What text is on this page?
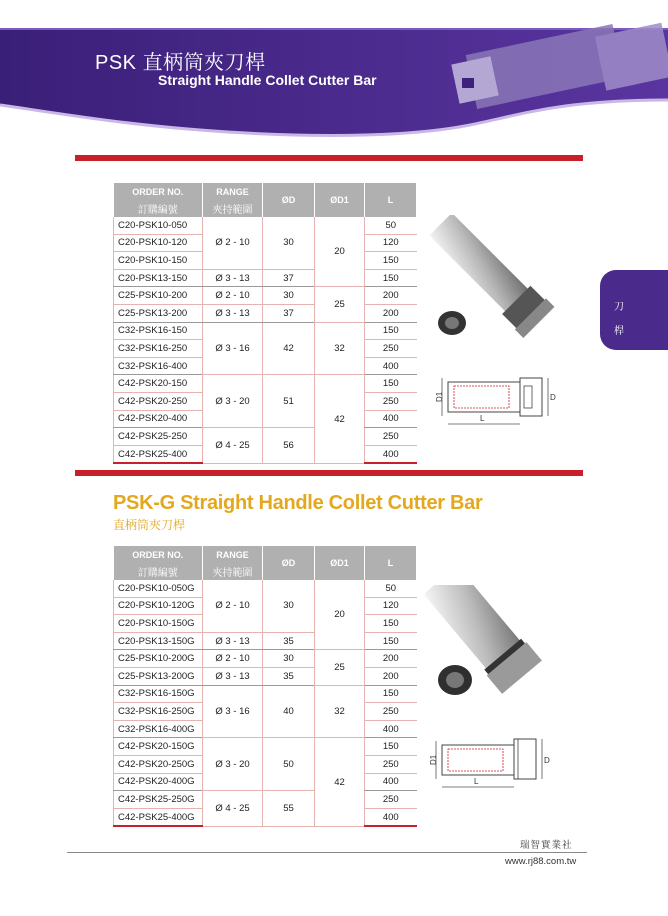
PSK 直柄筒夾刀桿
Straight Handle Collet Cutter Bar
刀
桿
ORDER NO.	RANGE	ØD	ØD1	L
訂購編號	夾持範圍			
C20-PSK10-050	Ø 2 - 10	30	20	50
C20-PSK10-120				120
C20-PSK10-150				150
C20-PSK13-150	Ø 3 - 13	37		150
C25-PSK10-200	Ø 2 - 10	30	25	200
C25-PSK13-200	Ø 3 - 13	37		200
C32-PSK16-150	Ø 3 - 16	42	32	150
C32-PSK16-250				250
C32-PSK16-400				400
C42-PSK20-150	Ø 3 - 20	51	42	150
C42-PSK20-250				250
C42-PSK20-400				400
C42-PSK25-250	Ø 4 - 25	56		250
C42-PSK25-400				400
D1	D
L
PSK-G Straight Handle Collet Cutter Bar
直柄筒夾刀桿
ORDER NO.	RANGE	ØD	ØD1	L
訂購編號	夾持範圍			
C20-PSK10-050G	Ø 2 - 10	30	20	50
C20-PSK10-120G				120
C20-PSK10-150G				150
C20-PSK13-150G	Ø 3 - 13	35		150
C25-PSK10-200G	Ø 2 - 10	30	25	200
C25-PSK13-200G	Ø 3 - 13	35		200
C32-PSK16-150G	Ø 3 - 16	40	32	150
C32-PSK16-250G				250
C32-PSK16-400G				400
C42-PSK20-150G	Ø 3 - 20	50	42	150
C42-PSK20-250G				250
C42-PSK20-400G				400
C42-PSK25-250G	Ø 4 - 25	55		250
C42-PSK25-400G				400
D1	D
L
瑞智實業社
www.rj88.com.tw
